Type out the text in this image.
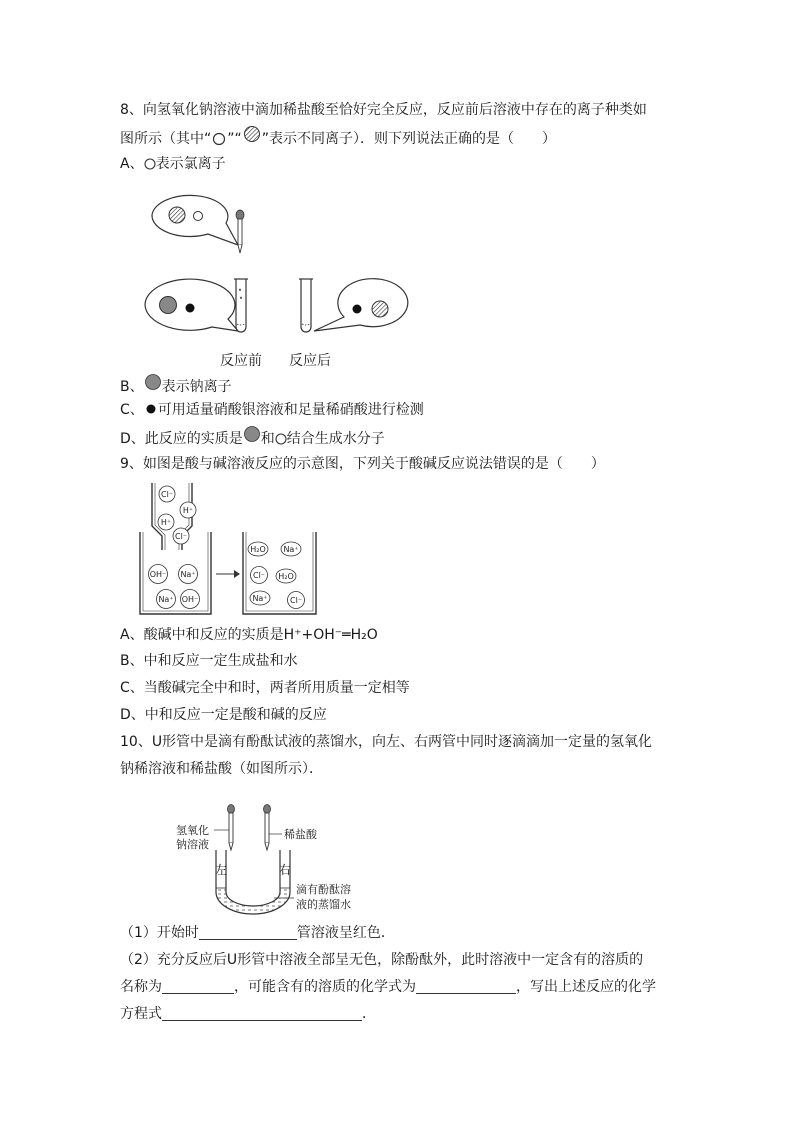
8、向氢氧化钠溶液中滴加稀盐酸至恰好完全反应，反应前后溶液中存在的离子种类如
图所示（其中“ ”“ ”表示不同离子）．则下列说法正确的是（　　）
A、 表示氯离子
反应前 反应后
B、 表示钠离子
C、 可用适量硝酸银溶液和足量稀硝酸进行检测
D、此反应的实质是 和 结合生成水分子
9、如图是酸与碱溶液反应的示意图，下列关于酸碱反应说法错误的是（　　）
Cl⁻
H⁺
H⁺
Cl⁻
OH⁻ Na⁺
Na⁺ OH⁻
H₂O Na⁺
Cl⁻ H₂O
Na⁺	Cl⁻
A、酸碱中和反应的实质是H⁺+OH⁻═H₂O
B、中和反应一定生成盐和水
C、当酸碱完全中和时，两者所用质量一定相等
D、中和反应一定是酸和碱的反应
10、U形管中是滴有酚酞试液的蒸馏水，向左、右两管中同时逐滴滴加一定量的氢氧化
钠稀溶液和稀盐酸（如图所示）．
氢氧化
钠溶液
稀盐酸
左	右
滴有酚酞溶
液的蒸馏水
（1）开始时	管溶液呈红色．
（2）充分反应后U形管中溶液全部呈无色，除酚酞外，此时溶液中一定含有的溶质的
名称为	，可能含有的溶质的化学式为	，写出上述反应的化学
方程式	．
